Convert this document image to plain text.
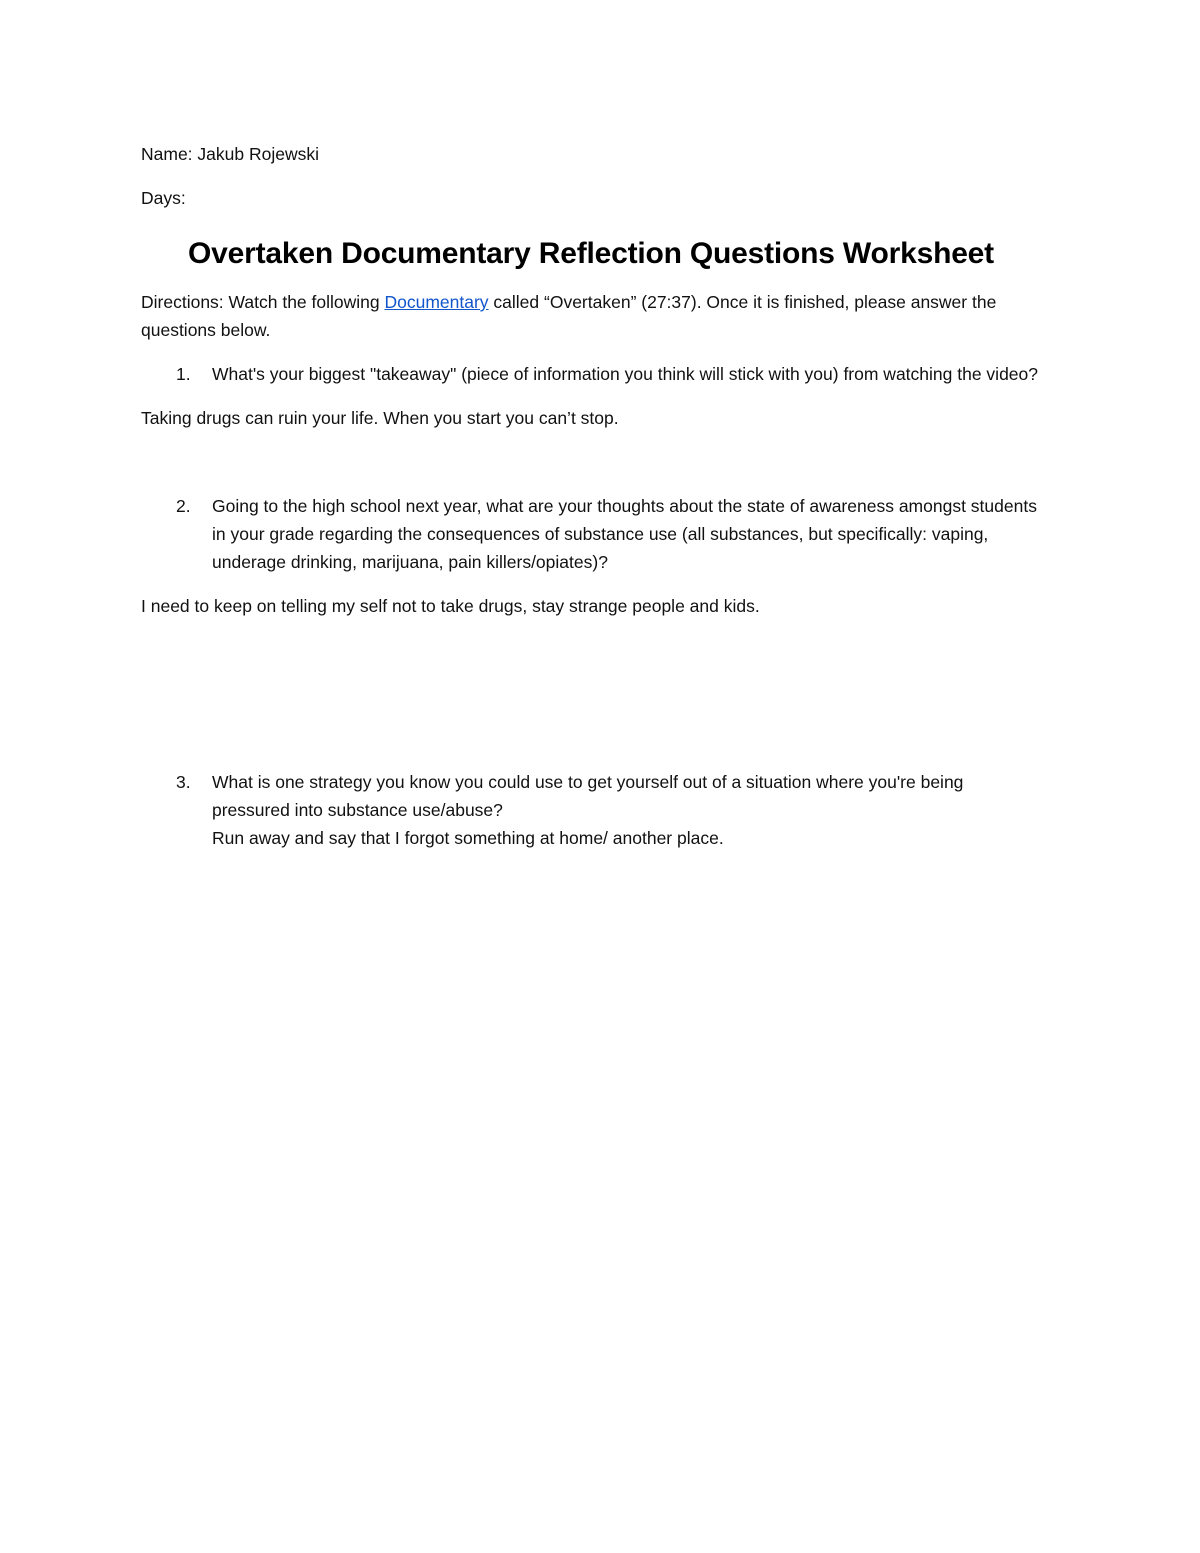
Name: Jakub Rojewski

Days:

Overtaken Documentary Reflection Questions Worksheet

Directions: Watch the following Documentary called “Overtaken” (27:37). Once it is finished, please answer the questions below.

1. What's your biggest "takeaway" (piece of information you think will stick with you) from watching the video?

Taking drugs can ruin your life. When you start you can’t stop.

2. Going to the high school next year, what are your thoughts about the state of awareness amongst students in your grade regarding the consequences of substance use (all substances, but specifically: vaping, underage drinking, marijuana, pain killers/opiates)?

I need to keep on telling my self not to take drugs, stay strange people and kids.

3. What is one strategy you know you could use to get yourself out of a situation where you're being pressured into substance use/abuse?
Run away and say that I forgot something at home/ another place.
